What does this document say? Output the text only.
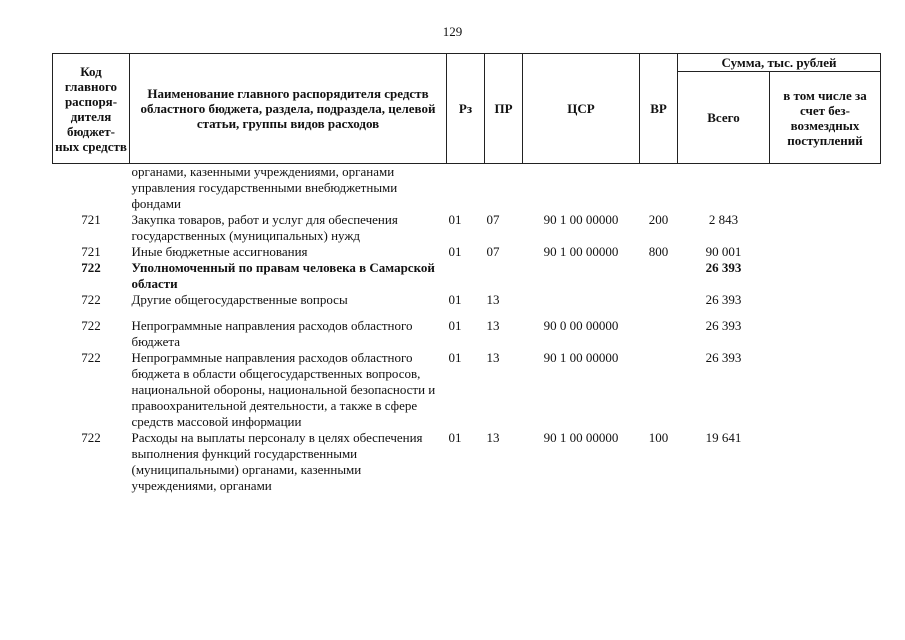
129
Код главного распоря-дителя бюджет-ных средств	Наименование главного распорядителя средств областного бюджета, раздела, подраздела, целевой статьи, группы видов расходов	Рз	ПР	ЦСР	ВР	Сумма, тыс. рублей	
						Всего	в том числе за счет без-возмездных поступлений
	органами, казенными учреждениями, органами управления государственными внебюджетными фондами						
721	Закупка товаров, работ и услуг для обеспечения государственных (муниципальных) нужд	01	07	90 1 00 00000	200	2 843	
721	Иные бюджетные ассигнования	01	07	90 1 00 00000	800	90 001	
722	Уполномоченный по правам человека в Самарской области					26 393	
722	Другие общегосударственные вопросы	01	13			26 393	
722	Непрограммные направления расходов областного бюджета	01	13	90 0 00 00000		26 393	
722	Непрограммные направления расходов областного бюджета в области общегосударственных вопросов, национальной обороны, национальной безопасности и правоохранительной деятельности, а также в сфере средств массовой информации	01	13	90 1 00 00000		26 393	
722	Расходы на выплаты персоналу в целях обеспечения выполнения функций государственными (муниципальными) органами, казенными учреждениями, органами	01	13	90 1 00 00000	100	19 641	
